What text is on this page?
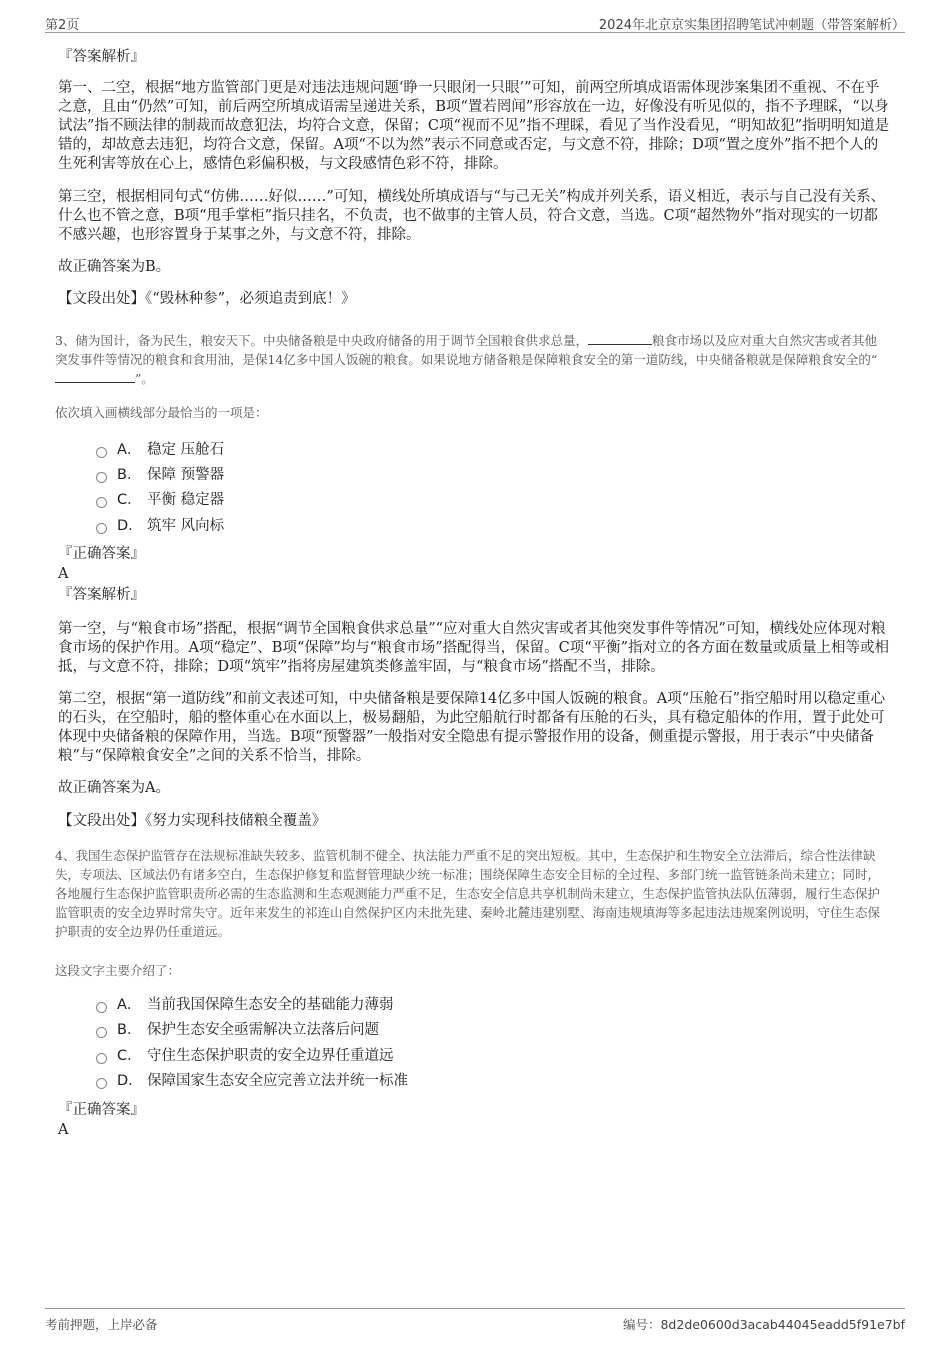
第2页	2024年北京京实集团招聘笔试冲刺题（带答案解析）
『答案解析』
第一、二空，根据“地方监管部门更是对违法违规问题‘睁一只眼闭一只眼’”可知，前两空所填成语需体现涉案集团不重视、不在乎之意，且由“仍然”可知，前后两空所填成语需呈递进关系，B项“置若罔闻”形容放在一边，好像没有听见似的，指不予理睬，“以身试法”指不顾法律的制裁而故意犯法，均符合文意，保留；C项“视而不见”指不理睬，看见了当作没看见，“明知故犯”指明明知道是错的，却故意去违犯，均符合文意，保留。A项“不以为然”表示不同意或否定，与文意不符，排除；D项“置之度外”指不把个人的生死利害等放在心上，感情色彩偏积极，与文段感情色彩不符，排除。
第三空，根据相同句式“仿佛……好似……”可知，横线处所填成语与“与己无关”构成并列关系，语义相近，表示与自己没有关系、什么也不管之意，B项“甩手掌柜”指只挂名，不负责，也不做事的主管人员，符合文意，当选。C项“超然物外”指对现实的一切都不感兴趣，也形容置身于某事之外，与文意不符，排除。
故正确答案为B。
【文段出处】《“毁林种参”，必须追责到底！》
3、储为国计，备为民生，粮安天下。中央储备粮是中央政府储备的用于调节全国粮食供求总量，	粮食市场以及应对重大自然灾害或者其他突发事件等情况的粮食和食用油，是保14亿多中国人饭碗的粮食。如果说地方储备粮是保障粮食安全的第一道防线，中央储备粮就是保障粮食安全的“”。
依次填入画横线部分最恰当的一项是：
A． 稳定 压舱石
B． 保障 预警器
C． 平衡 稳定器
D． 筑牢 风向标
『正确答案』
A
『答案解析』
第一空，与“粮食市场”搭配，根据“调节全国粮食供求总量”“应对重大自然灾害或者其他突发事件等情况”可知，横线处应体现对粮食市场的保护作用。A项“稳定”、B项“保障”均与“粮食市场”搭配得当，保留。C项“平衡”指对立的各方面在数量或质量上相等或相抵，与文意不符，排除；D项“筑牢”指将房屋建筑类修盖牢固，与“粮食市场”搭配不当，排除。
第二空，根据“第一道防线”和前文表述可知，中央储备粮是要保障14亿多中国人饭碗的粮食。A项“压舱石”指空船时用以稳定重心的石头，在空船时，船的整体重心在水面以上，极易翻船，为此空船航行时都备有压舱的石头，具有稳定船体的作用，置于此处可体现中央储备粮的保障作用，当选。B项“预警器”一般指对安全隐患有提示警报作用的设备，侧重提示警报，用于表示“中央储备粮”与“保障粮食安全”之间的关系不恰当，排除。
故正确答案为A。
【文段出处】《努力实现科技储粮全覆盖》
4、我国生态保护监管存在法规标准缺失较多、监管机制不健全、执法能力严重不足的突出短板。其中，生态保护和生物安全立法滞后，综合性法律缺失，专项法、区域法仍有诸多空白，生态保护修复和监督管理缺少统一标准；围绕保障生态安全目标的全过程、多部门统一监管链条尚未建立；同时，各地履行生态保护监管职责所必需的生态监测和生态观测能力严重不足，生态安全信息共享机制尚未建立，生态保护监管执法队伍薄弱，履行生态保护监管职责的安全边界时常失守。近年来发生的祁连山自然保护区内未批先建、秦岭北麓违建别墅、海南违规填海等多起违法违规案例说明，守住生态保护职责的安全边界仍任重道远。
这段文字主要介绍了：
A． 当前我国保障生态安全的基础能力薄弱
B． 保护生态安全亟需解决立法落后问题
C． 守住生态保护职责的安全边界任重道远
D． 保障国家生态安全应完善立法并统一标准
『正确答案』
A
考前押题，上岸必备	编号：8d2de0600d3acab44045eadd5f91e7bf
